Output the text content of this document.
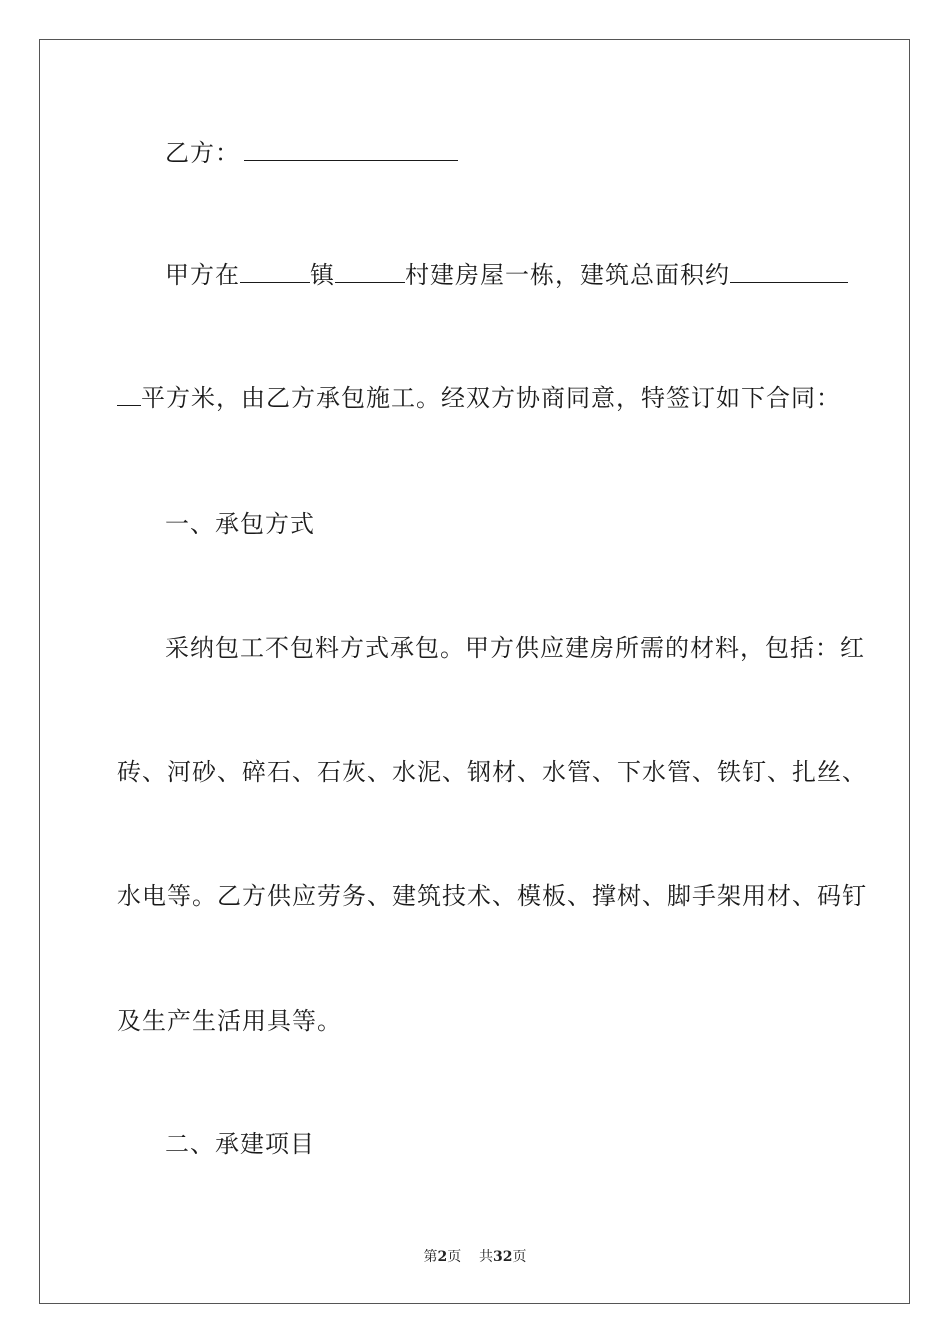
乙方：
甲方在	镇	村建房屋一栋，建筑总面积约
平方米，由乙方承包施工。经双方协商同意，特签订如下合同：
一、承包方式
采纳包工不包料方式承包。甲方供应建房所需的材料，包括：红
砖、河砂、碎石、石灰、水泥、钢材、水管、下水管、铁钉、扎丝、
水电等。乙方供应劳务、建筑技术、模板、撑树、脚手架用材、码钉
及生产生活用具等。
二、承建项目
第2页 共32页
